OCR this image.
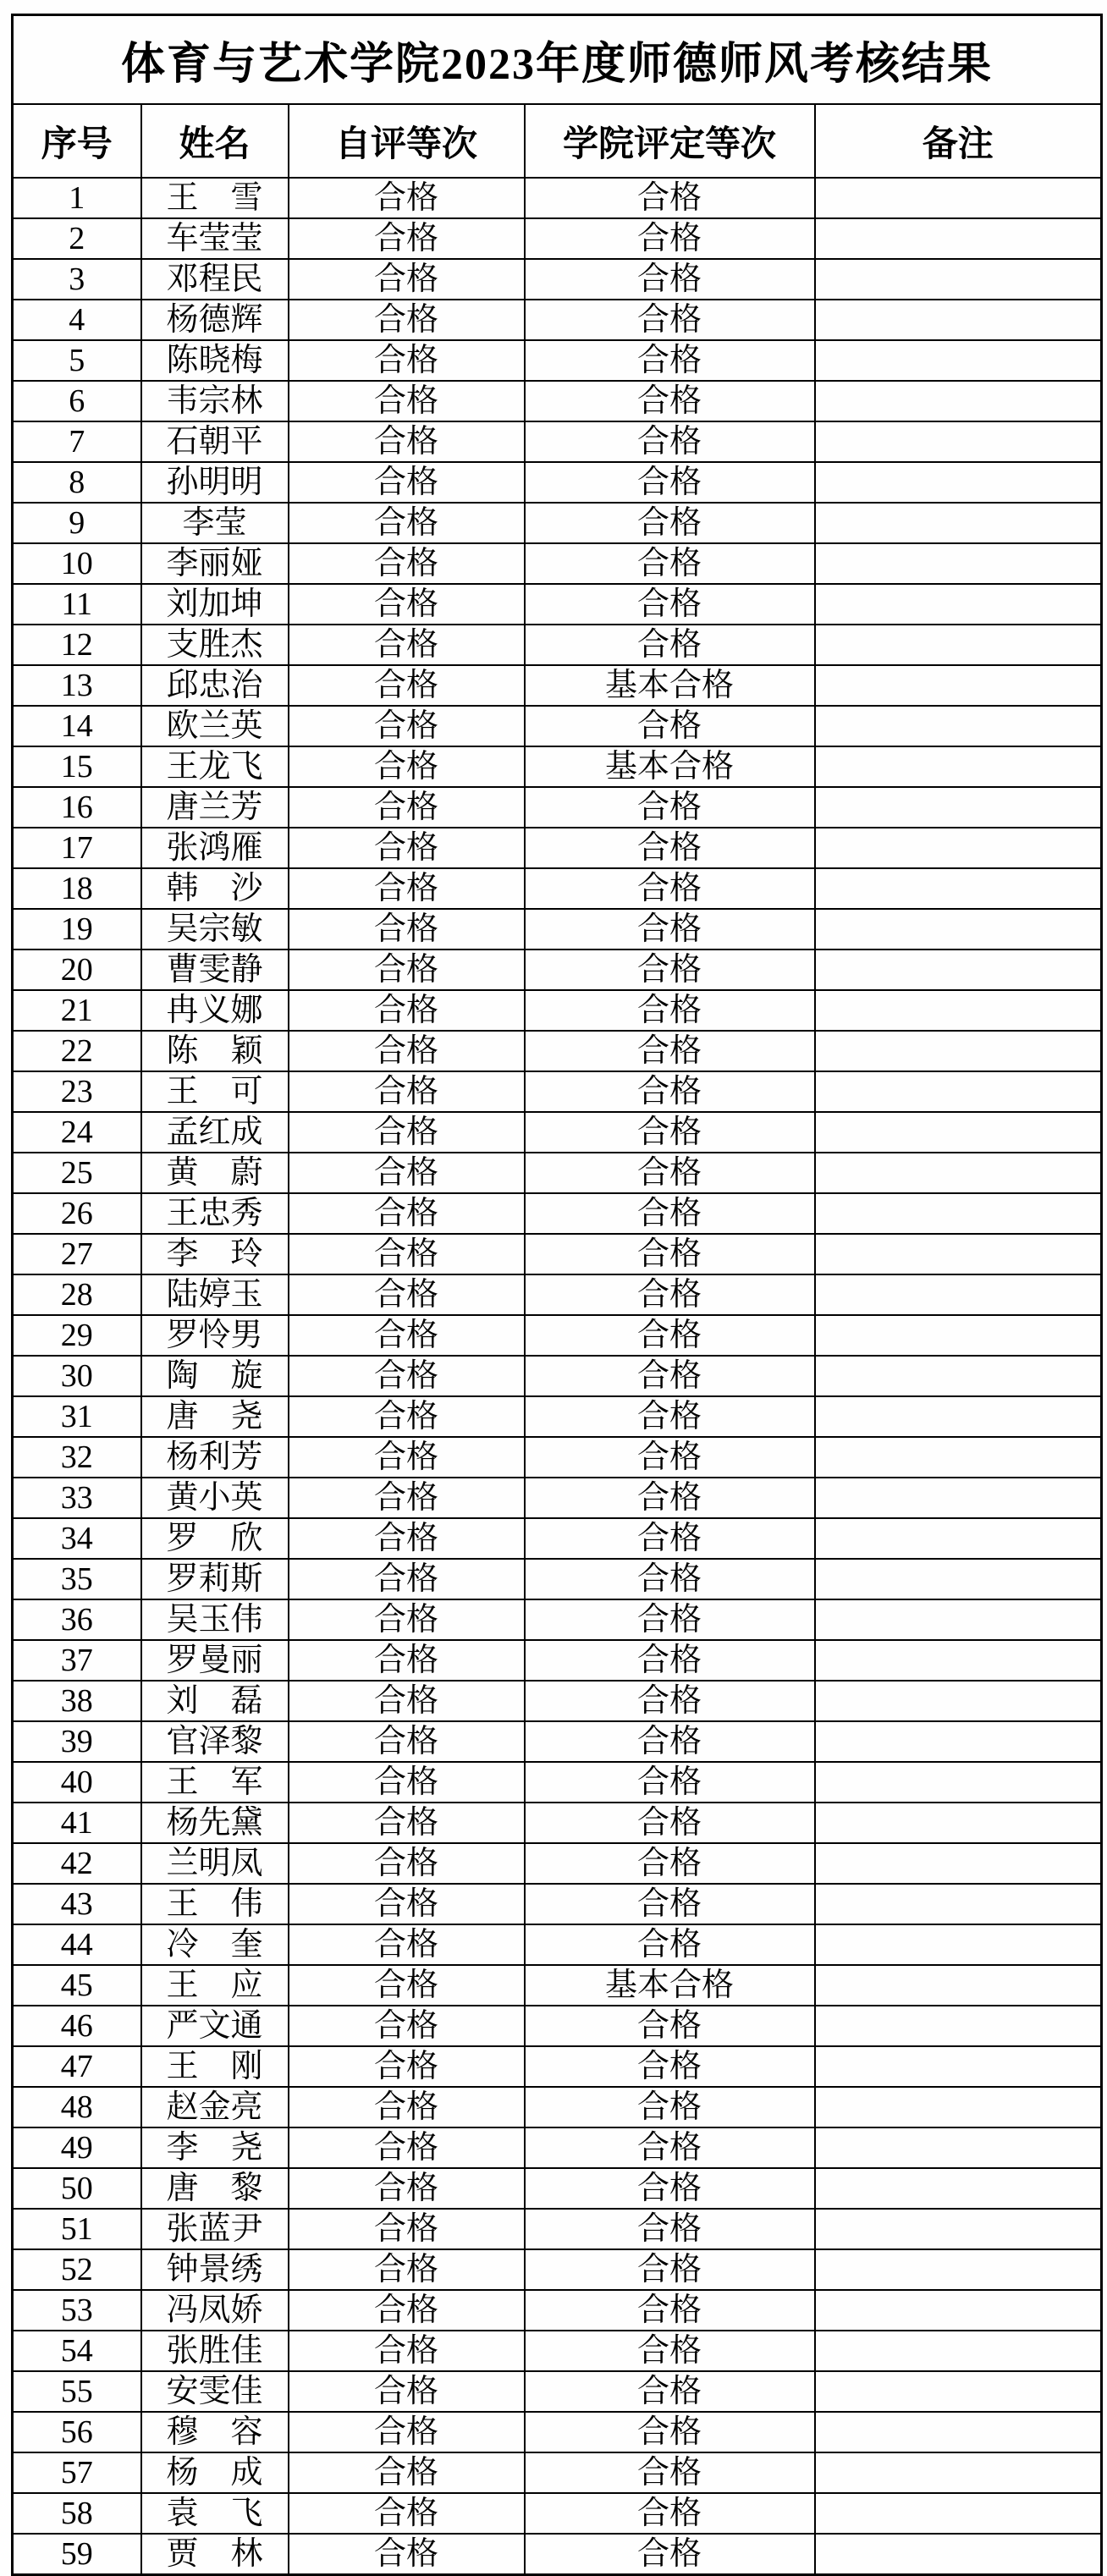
体育与艺术学院2023年度师德师风考核结果				
序号	姓名	自评等次	学院评定等次	备注
1	王　雪	合格	合格	
2	车莹莹	合格	合格	
3	邓程民	合格	合格	
4	杨德辉	合格	合格	
5	陈晓梅	合格	合格	
6	韦宗林	合格	合格	
7	石朝平	合格	合格	
8	孙明明	合格	合格	
9	李莹	合格	合格	
10	李丽娅	合格	合格	
11	刘加坤	合格	合格	
12	支胜杰	合格	合格	
13	邱忠治	合格	基本合格	
14	欧兰英	合格	合格	
15	王龙飞	合格	基本合格	
16	唐兰芳	合格	合格	
17	张鸿雁	合格	合格	
18	韩　沙	合格	合格	
19	吴宗敏	合格	合格	
20	曹雯静	合格	合格	
21	冉义娜	合格	合格	
22	陈　颖	合格	合格	
23	王　可	合格	合格	
24	孟红成	合格	合格	
25	黄　蔚	合格	合格	
26	王忠秀	合格	合格	
27	李　玲	合格	合格	
28	陆婷玉	合格	合格	
29	罗怜男	合格	合格	
30	陶　旋	合格	合格	
31	唐　尧	合格	合格	
32	杨利芳	合格	合格	
33	黄小英	合格	合格	
34	罗　欣	合格	合格	
35	罗莉斯	合格	合格	
36	吴玉伟	合格	合格	
37	罗曼丽	合格	合格	
38	刘　磊	合格	合格	
39	官泽黎	合格	合格	
40	王　军	合格	合格	
41	杨先黛	合格	合格	
42	兰明凤	合格	合格	
43	王　伟	合格	合格	
44	冷　奎	合格	合格	
45	王　应	合格	基本合格	
46	严文通	合格	合格	
47	王　刚	合格	合格	
48	赵金亮	合格	合格	
49	李　尧	合格	合格	
50	唐　黎	合格	合格	
51	张蓝尹	合格	合格	
52	钟景绣	合格	合格	
53	冯凤娇	合格	合格	
54	张胜佳	合格	合格	
55	安雯佳	合格	合格	
56	穆　容	合格	合格	
57	杨　成	合格	合格	
58	袁　飞	合格	合格	
59	贾　林	合格	合格	
